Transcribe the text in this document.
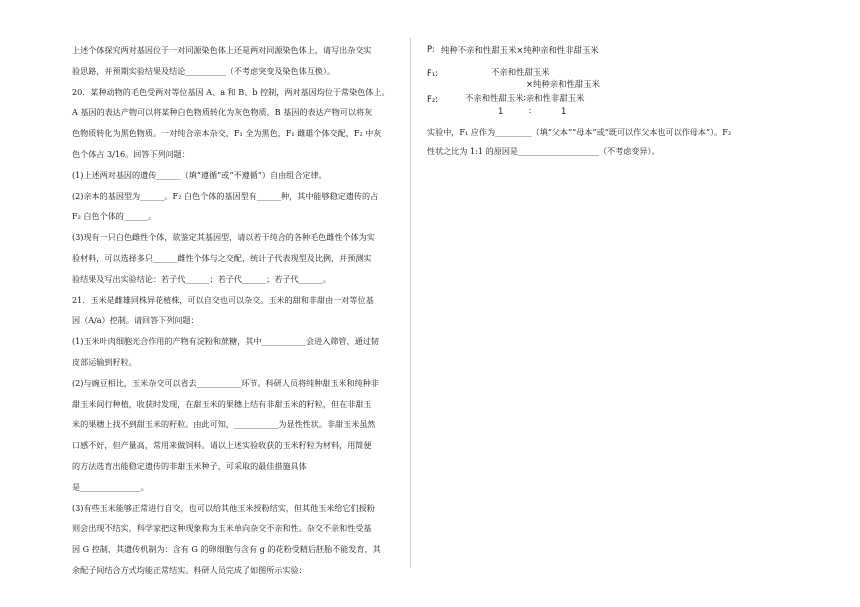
上述个体探究两对基因位于一对同源染色体上还是两对同源染色体上，请写出杂交实

验思路，并预期实验结果及结论__________（不考虑突变及染色体互换）。

20．某种动物的毛色受两对等位基因 A、a 和 B、b 控制，两对基因均位于常染色体上。

A 基因的表达产物可以将某种白色物质转化为灰色物质，B 基因的表达产物可以将灰

色物质转化为黑色物质。一对纯合亲本杂交，F₁ 全为黑色，F₁ 雌雄个体交配，F₂ 中灰

色个体占 3/16。回答下列问题：

(1)上述两对基因的遗传______（填“遵循”或“不遵循”）自由组合定律。

(2)亲本的基因型为______。F₂ 白色个体的基因型有______种，其中能够稳定遗传的占

F₂ 白色个体的______。

(3)现有一只白色雌性个体，欲鉴定其基因型，请以若干纯合的各种毛色雌性个体为实

验材料，可以选择多只______雌性个体与之交配，统计子代表现型及比例，并预测实

验结果及写出实验结论：若子代______；若子代______；若子代______。

21．玉米是雌雄同株异花植株，可以自交也可以杂交。玉米的甜和非甜由一对等位基

因（A/a）控制。请回答下列问题：

(1)玉米叶肉细胞光合作用的产物有淀粉和蔗糖，其中___________会进入筛管，通过韧

皮部运输到籽粒。

(2)与豌豆相比，玉米杂交可以省去___________环节。科研人员将纯种甜玉米和纯种非

甜玉米间行种植，收获时发现，在甜玉米的果穗上结有非甜玉米的籽粒，但在非甜玉

米的果穗上找不到甜玉米的籽粒。由此可知，___________为显性性状。非甜玉米虽然

口感不好，但产量高，常用来做饲料。请以上述实验收获的玉米籽粒为材料，用简便

的方法选育出能稳定遗传的非甜玉米种子，可采取的最佳措施具体

是_______________。

(3)有些玉米能够正常进行自交，也可以给其他玉米授粉结实，但其他玉米给它们授粉

则会出现不结实，科学家把这种现象称为玉米单向杂交不亲和性。杂交不亲和性受基

因 G 控制，其遗传机制为：含有 G 的卵细胞与含有 g 的花粉受精后胚胎不能发育，其

余配子间结合方式均能正常结实。科研人员完成了如图所示实验：

P: 纯种不亲和性甜玉米×纯种亲和性非甜玉米
F₁:	不亲和性甜玉米
×纯种亲和性甜玉米
F₂:	不亲和性甜玉米∶亲和性非甜玉米
1	∶	1

实验中，F₁ 应作为_________（填“父本”“母本”或“既可以作父本也可以作母本”）。F₂

性状之比为 1:1 的原因是____________________（不考虑变异）。
